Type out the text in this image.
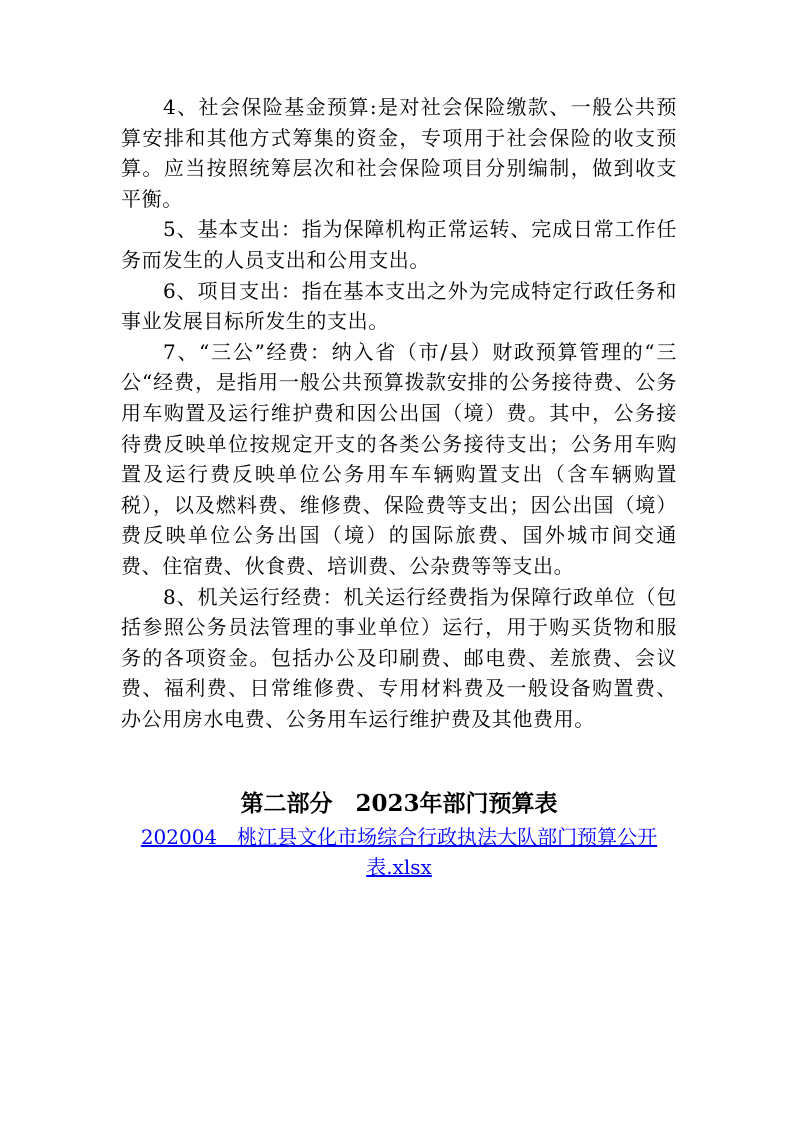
4、社会保险基金预算:是对社会保险缴款、一般公共预算安排和其他方式筹集的资金，专项用于社会保险的收支预算。应当按照统筹层次和社会保险项目分别编制，做到收支平衡。

5、基本支出：指为保障机构正常运转、完成日常工作任务而发生的人员支出和公用支出。

6、项目支出：指在基本支出之外为完成特定行政任务和事业发展目标所发生的支出。

7、“三公”经费：纳入省（市/县）财政预算管理的“三公“经费，是指用一般公共预算拨款安排的公务接待费、公务用车购置及运行维护费和因公出国（境）费。其中，公务接待费反映单位按规定开支的各类公务接待支出；公务用车购置及运行费反映单位公务用车车辆购置支出（含车辆购置税），以及燃料费、维修费、保险费等支出；因公出国（境）费反映单位公务出国（境）的国际旅费、国外城市间交通费、住宿费、伙食费、培训费、公杂费等等支出。

8、机关运行经费：机关运行经费指为保障行政单位（包括参照公务员法管理的事业单位）运行，用于购买货物和服务的各项资金。包括办公及印刷费、邮电费、差旅费、会议费、福利费、日常维修费、专用材料费及一般设备购置费、办公用房水电费、公务用车运行维护费及其他费用。

第二部分　2023年部门预算表
202004　桃江县文化市场综合行政执法大队部门预算公开表.xlsx
